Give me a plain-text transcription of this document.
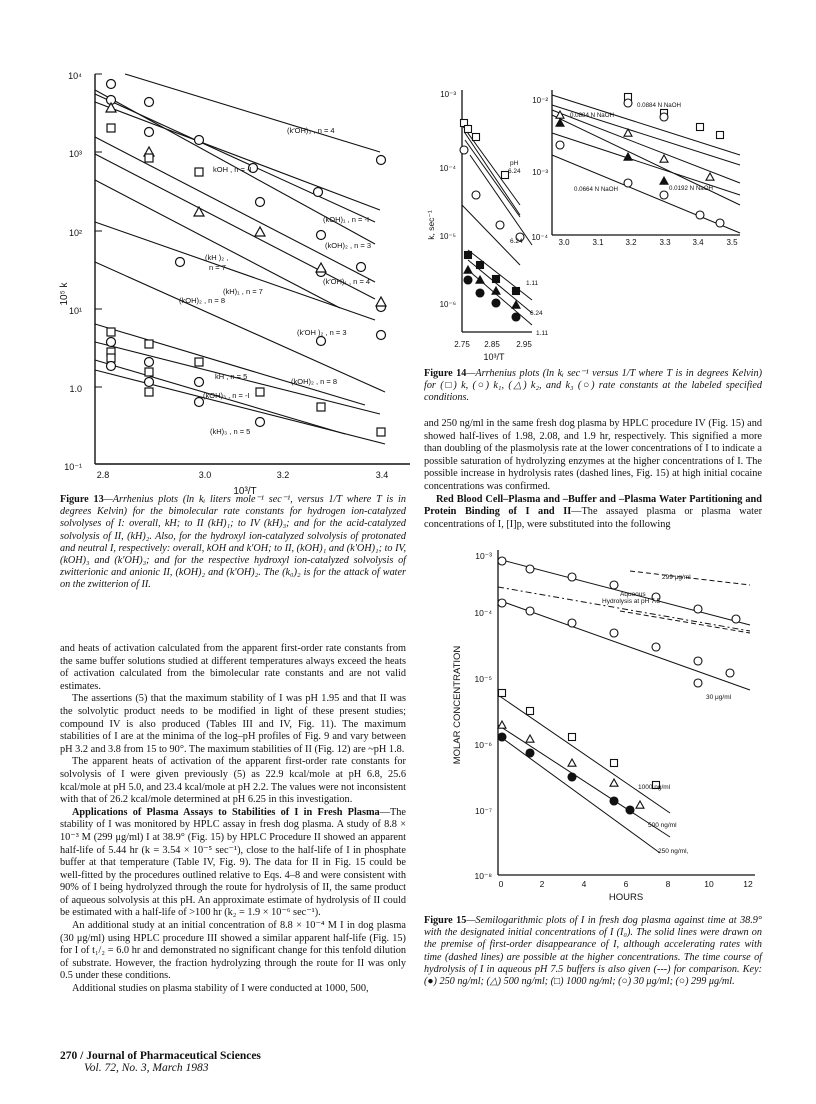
10⁴
10³
10²
10¹
1.0
10⁻¹
2.8	3.0	3.2	3.4
10³/T
10⁵ k
(k′OH)₃ , n = 4
kOH , n = -I
(kOH)₁ , n = -I
(kOH)₂ , n = 3
(kH )₂ ,
n = 7
(k′OH)₁ , n = 4
(kH)₁ , n = 7
(kOH)₂ , n = 8
(k′OH )₂ , n = 3
kH , n = 5
(kOH)₃ , n = -I
(kOH)₂ , n = 8
(kH)₃ , n = 5
Figure 13—Arrhenius plots (ln kᵢ liters mole⁻¹ sec⁻¹, versus 1/T where T is in degrees Kelvin) for the bimolecular rate constants for hydrogen ion-catalyzed solvolyses of I: overall, kH; to II (kH)₁; to IV (kH)₃; and for the acid-catalyzed solvolysis of II, (kH)₂. Also, for the hydroxyl ion-catalyzed solvolysis of protonated and neutral I, respectively: overall, kOH and k′OH; to II, (kOH)₁ and (k′OH)₁; to IV, (kOH)₃ and (k′OH)₃; and for the respective hydroxyl ion-catalyzed solvolysis of zwitterionic and anionic II, (kOH)₂ and (k′OH)₂. The (k₀)₂ is for the attack of water on the zwitterion of II.
10⁻³
10⁻⁴
10⁻⁵
10⁻⁶
2.75 2.85 2.95
10³/T
k, sec⁻¹
pH
6.24
6.24
1.11
6.24
1.11
10⁻²
10⁻³
10⁻⁴
3.0	3.1	3.2	3.3	3.4	3.5
0.0884 N NaOH
0.0884 N NaOH
0.0192 N NaOH
0.0664 N NaOH
Figure 14—Arrhenius plots (ln kᵢ sec⁻¹ versus 1/T where T is in degrees Kelvin) for (□) k, (○) k₁, (△) k₂, and k₃ (○) rate constants at the labeled specified conditions.

and 250 ng/ml in the same fresh dog plasma by HPLC procedure IV (Fig. 15) and showed half-lives of 1.98, 2.08, and 1.9 hr, respectively. This signified a more than doubling of the plasmolysis rate at the lower concentrations of I to indicate a possible saturation of hydrolyzing enzymes at the higher concentrations of I. The possible increase in hydrolysis rates (dashed lines, Fig. 15) at high initial cocaine concentrations was confirmed.

Red Blood Cell–Plasma and –Buffer and –Plasma Water Partitioning and Protein Binding of I and II—The assayed plasma or plasma water concentrations of I, [I]p, were substituted into the following

10⁻³
10⁻⁴
10⁻⁵
10⁻⁶
10⁻⁷
10⁻⁸
0	2	4	6	8	10	12
HOURS
MOLAR CONCENTRATION
299 μg/ml
Aqueous
Hydrolysis at pH 7.5
30 μg/ml
1000 ng/ml
500 ng/ml
250 ng/ml,
Figure 15—Semilogarithmic plots of I in fresh dog plasma against time at 38.9° with the designated initial concentrations of I (I₀). The solid lines were drawn on the premise of first-order disappearance of I, although accelerating rates with time (dashed lines) are possible at the higher concentrations. The time course of hydrolysis of I in aqueous pH 7.5 buffers is also given (---) for comparison. Key: (●) 250 ng/ml; (△) 500 ng/ml; (□) 1000 ng/ml; (○) 30 μg/ml; (○) 299 μg/ml.

and heats of activation calculated from the apparent first-order rate constants from the same buffer solutions studied at different temperatures always exceed the heats of activation calculated from the bimolecular rate constants and are not valid estimates.

The assertions (5) that the maximum stability of I was pH 1.95 and that II was the solvolytic product needs to be modified in light of these present studies; compound IV is also produced (Tables III and IV, Fig. 11). The maximum stabilities of I are at the minima of the log–pH profiles of Fig. 9 and vary between pH 3.2 and 3.8 from 15 to 90°. The maximum stabilities of II (Fig. 12) are ~pH 1.8.

The apparent heats of activation of the apparent first-order rate constants for solvolysis of I were given previously (5) as 22.9 kcal/mole at pH 6.8, 25.6 kcal/mole at pH 5.0, and 23.4 kcal/mole at pH 2.2. The values were not inconsistent with that of 26.2 kcal/mole determined at pH 6.25 in this investigation.

Applications of Plasma Assays to Stabilities of I in Fresh Plasma—The stability of I was monitored by HPLC assay in fresh dog plasma. A study of 8.8 × 10⁻³ M (299 μg/ml) I at 38.9° (Fig. 15) by HPLC Procedure II showed an apparent half-life of 5.44 hr (k = 3.54 × 10⁻⁵ sec⁻¹), close to the half-life of I in phosphate buffer at that temperature (Table IV, Fig. 9). The data for II in Fig. 15 could be well-fitted by the procedures outlined relative to Eqs. 4–8 and were consistent with 90% of I being hydrolyzed through the route for hydrolysis of II, the same product of aqueous solvolysis at this pH. An approximate estimate of hydrolysis of II could be estimated with a half-life of >100 hr (k₂ = 1.9 × 10⁻⁶ sec⁻¹).

An additional study at an initial concentration of 8.8 × 10⁻⁴ M I in dog plasma (30 μg/ml) using HPLC procedure III showed a similar apparent half-life (Fig. 15) for I of t₁/₂ = 6.0 hr and demonstrated no significant change for this tenfold dilution of substrate. However, the fraction hydrolyzing through the route for II was only 0.5 under these conditions.

Additional studies on plasma stability of I were conducted at 1000, 500,

270 / Journal of Pharmaceutical Sciences
Vol. 72, No. 3, March 1983
